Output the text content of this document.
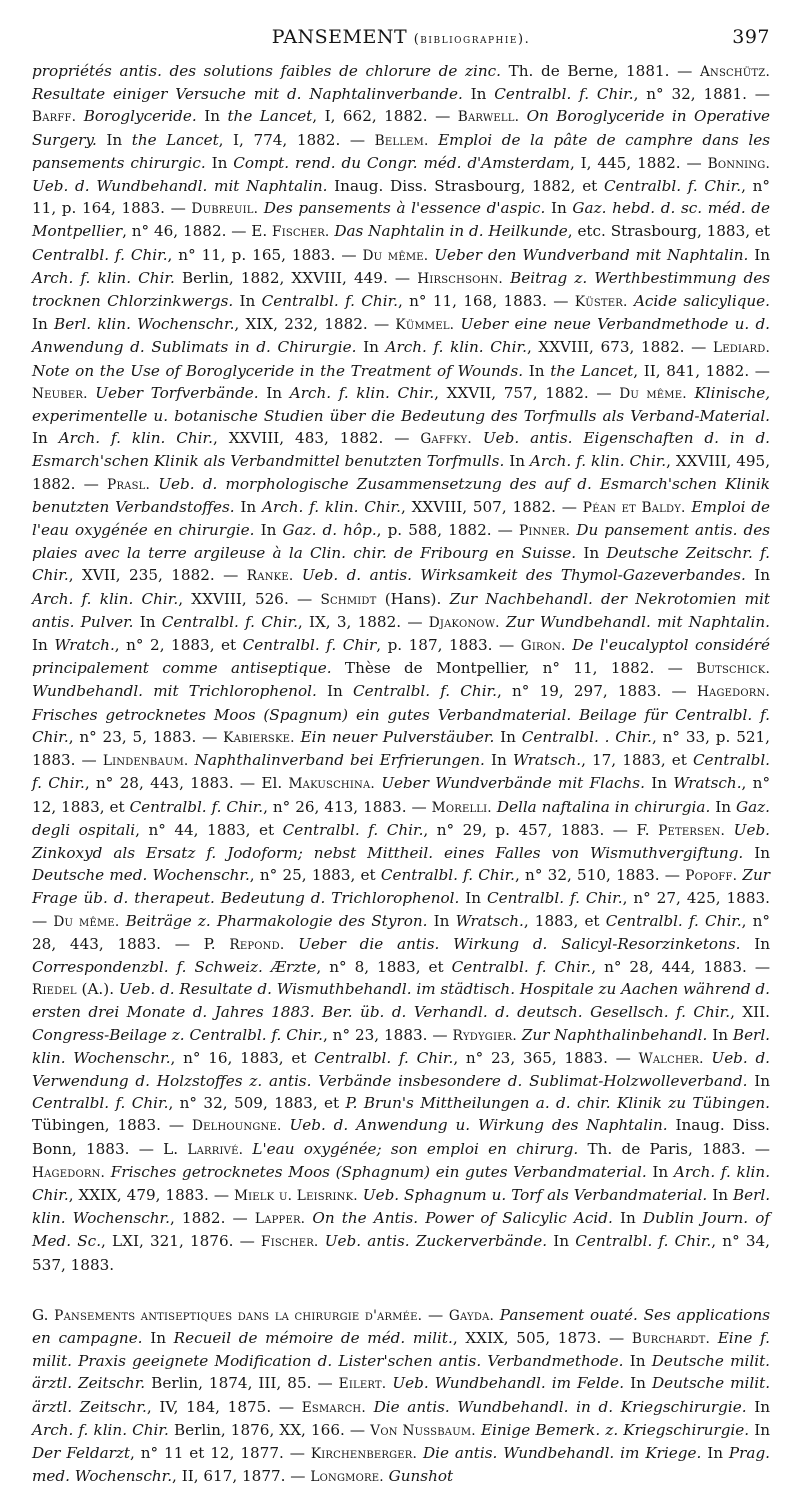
PANSEMENT (bibliographie).	397

propriétés antis. des solutions faibles de chlorure de zinc. Th. de Berne, 1881. — Anschütz. Resultate einiger Versuche mit d. Naphtalinverbande. In Centralbl. f. Chir., n° 32, 1881. — Barff. Boroglyceride. In the Lancet, I, 662, 1882. — Barwell. On Boroglyceride in Operative Surgery. In the Lancet, I, 774, 1882. — Bellem. Emploi de la pâte de camphre dans les pansements chirurgic. In Compt. rend. du Congr. méd. d'Amsterdam, I, 445, 1882. — Bonning. Ueb. d. Wundbehandl. mit Naphtalin. Inaug. Diss. Strasbourg, 1882, et Centralbl. f. Chir., n° 11, p. 164, 1883. — Dubreuil. Des pansements à l'essence d'aspic. In Gaz. hebd. d. sc. méd. de Montpellier, n° 46, 1882. — E. Fischer. Das Naphtalin in d. Heilkunde, etc. Strasbourg, 1883, et Centralbl. f. Chir., n° 11, p. 165, 1883. — Du même. Ueber den Wundverband mit Naphtalin. In Arch. f. klin. Chir. Berlin, 1882, XXVIII, 449. — Hirschsohn. Beitrag z. Werthbestimmung des trocknen Chlorzinkwergs. In Centralbl. f. Chir., n° 11, 168, 1883. — Küster. Acide salicylique. In Berl. klin. Wochenschr., XIX, 232, 1882. — Kümmel. Ueber eine neue Verbandmethode u. d. Anwendung d. Sublimats in d. Chirurgie. In Arch. f. klin. Chir., XXVIII, 673, 1882. — Lediard. Note on the Use of Boroglyceride in the Treatment of Wounds. In the Lancet, II, 841, 1882. — Neuber. Ueber Torfverbände. In Arch. f. klin. Chir., XXVII, 757, 1882. — Du même. Klinische, experimentelle u. botanische Studien über die Bedeutung des Torfmulls als Verband-Material. In Arch. f. klin. Chir., XXVIII, 483, 1882. — Gaffky. Ueb. antis. Eigenschaften d. in d. Esmarch'schen Klinik als Verbandmittel benutzten Torfmulls. In Arch. f. klin. Chir., XXVIII, 495, 1882. — Prasl. Ueb. d. morphologische Zusammensetzung des auf d. Esmarch'schen Klinik benutzten Verbandstoffes. In Arch. f. klin. Chir., XXVIII, 507, 1882. — Péan et Baldy. Emploi de l'eau oxygénée en chirurgie. In Gaz. d. hôp., p. 588, 1882. — Pinner. Du pansement antis. des plaies avec la terre argileuse à la Clin. chir. de Fribourg en Suisse. In Deutsche Zeitschr. f. Chir., XVII, 235, 1882. — Ranke. Ueb. d. antis. Wirksamkeit des Thymol-Gazeverbandes. In Arch. f. klin. Chir., XXVIII, 526. — Schmidt (Hans). Zur Nachbehandl. der Nekrotomien mit antis. Pulver. In Centralbl. f. Chir., IX, 3, 1882. — Djakonow. Zur Wundbehandl. mit Naphtalin. In Wratch., n° 2, 1883, et Centralbl. f. Chir, p. 187, 1883. — Giron. De l'eucalyptol considéré principalement comme antiseptique. Thèse de Montpellier, n° 11, 1882. — Butschick. Wundbehandl. mit Trichlorophenol. In Centralbl. f. Chir., n° 19, 297, 1883. — Hagedorn. Frisches getrocknetes Moos (Spagnum) ein gutes Verbandmaterial. Beilage für Centralbl. f. Chir., n° 23, 5, 1883. — Kabierske. Ein neuer Pulverstäuber. In Centralbl. . Chir., n° 33, p. 521, 1883. — Lindenbaum. Naphthalinverband bei Erfrierungen. In Wratsch., 17, 1883, et Centralbl. f. Chir., n° 28, 443, 1883. — El. Makuschina. Ueber Wundverbände mit Flachs. In Wratsch., n° 12, 1883, et Centralbl. f. Chir., n° 26, 413, 1883. — Morelli. Della naftalina in chirurgia. In Gaz. degli ospitali, n° 44, 1883, et Centralbl. f. Chir., n° 29, p. 457, 1883. — F. Petersen. Ueb. Zinkoxyd als Ersatz f. Jodoform; nebst Mittheil. eines Falles von Wismuthvergiftung. In Deutsche med. Wochenschr., n° 25, 1883, et Centralbl. f. Chir., n° 32, 510, 1883. — Popoff. Zur Frage üb. d. therapeut. Bedeutung d. Trichlorophenol. In Centralbl. f. Chir., n° 27, 425, 1883. — Du même. Beiträge z. Pharmakologie des Styron. In Wratsch., 1883, et Centralbl. f. Chir., n° 28, 443, 1883. — P. Repond. Ueber die antis. Wirkung d. Salicyl-Resorzinketons. In Correspondenzbl. f. Schweiz. Ærzte, n° 8, 1883, et Centralbl. f. Chir., n° 28, 444, 1883. — Riedel (A.). Ueb. d. Resultate d. Wismuthbehandl. im städtisch. Hospitale zu Aachen während d. ersten drei Monate d. Jahres 1883. Ber. üb. d. Verhandl. d. deutsch. Gesellsch. f. Chir., XII. Congress-Beilage z. Centralbl. f. Chir., n° 23, 1883. — Rydygier. Zur Naphthalinbehandl. In Berl. klin. Wochenschr., n° 16, 1883, et Centralbl. f. Chir., n° 23, 365, 1883. — Walcher. Ueb. d. Verwendung d. Holzstoffes z. antis. Verbände insbesondere d. Sublimat-Holzwolleverband. In Centralbl. f. Chir., n° 32, 509, 1883, et P. Brun's Mittheilungen a. d. chir. Klinik zu Tübingen. Tübingen, 1883. — Delhoungne. Ueb. d. Anwendung u. Wirkung des Naphtalin. Inaug. Diss. Bonn, 1883. — L. Larrivé. L'eau oxygénée; son emploi en chirurg. Th. de Paris, 1883. — Hagedorn. Frisches getrocknetes Moos (Sphagnum) ein gutes Verbandmaterial. In Arch. f. klin. Chir., XXIX, 479, 1883. — Mielk u. Leisrink. Ueb. Sphagnum u. Torf als Verbandmaterial. In Berl. klin. Wochenschr., 1882. — Lapper. On the Antis. Power of Salicylic Acid. In Dublin Journ. of Med. Sc., LXI, 321, 1876. — Fischer. Ueb. antis. Zuckerverbände. In Centralbl. f. Chir., n° 34, 537, 1883.

G. Pansements antiseptiques dans la chirurgie d'armée. — Gayda. Pansement ouaté. Ses applications en campagne. In Recueil de mémoire de méd. milit., XXIX, 505, 1873. — Burchardt. Eine f. milit. Praxis geeignete Modification d. Lister'schen antis. Verbandmethode. In Deutsche milit. ärztl. Zeitschr. Berlin, 1874, III, 85. — Eilert. Ueb. Wundbehandl. im Felde. In Deutsche milit. ärztl. Zeitschr., IV, 184, 1875. — Esmarch. Die antis. Wundbehandl. in d. Kriegschirurgie. In Arch. f. klin. Chir. Berlin, 1876, XX, 166. — Von Nussbaum. Einige Bemerk. z. Kriegschirurgie. In Der Feldarzt, n° 11 et 12, 1877. — Kirchenberger. Die antis. Wundbehandl. im Kriege. In Prag. med. Wochenschr., II, 617, 1877. — Longmore. Gunshot
